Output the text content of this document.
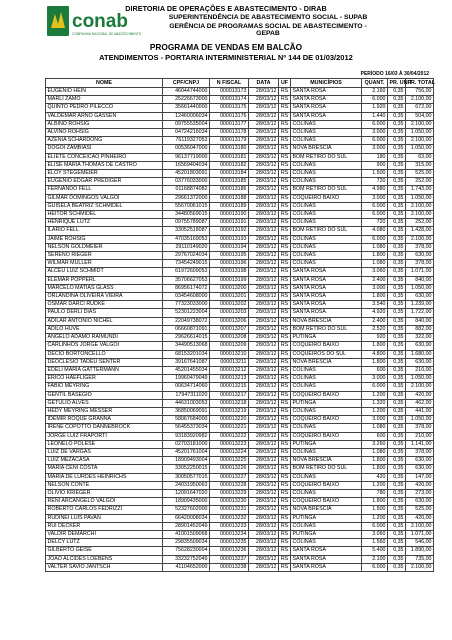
conab
COMPANHIA NACIONAL DE ABASTECIMENTO
DIRETORIA DE OPERAÇÕES E ABASTECIMENTO - DIRAB
SUPERINTENDÊNCIA DE ABASTECIMENTO SOCIAL - SUPAB
GERÊNCIA DE PROGRAMAS SOCIAL DE ABASTECIMENTO - GEPAB
PROGRAMA DE VENDAS EM BALCÃO
ATENDIMENTOS - PORTARIA INTERMINISTERIAL Nº 144 DE 01/03/2012
PERÍODO 16/03 À 30/04/2012
NOME	CPF/CNPJ	N FISCAL	DATA	UF	MUNICÍPIOS	QUANT.	PR. UNIT	PR. TOTAL
EUGENIO HEIN	46044744000	000013173	28/03/12	RS	SANTA ROSA	2.160	0,35	756,00
MARLI ZAMO	25226673000	000013174	28/03/12	RS	SANTA ROSA	6.000	0,35	2.100,00
QUINTO PEDRO PILECCO	35661440000	000013175	28/03/12	RS	SANTA ROSA	1.920	0,35	672,00
VALDEMAR ARNO GASSEN	12460006034	000013176	28/03/12	RS	SANTA ROSA	1.440	0,35	504,00
ALBINO ROHSIG	09755535004	000013177	28/03/12	RS	COLINAS	6.000	0,35	2.100,00
ALVINO ROHSIG	04724216034	000013178	28/03/12	RS	COLINAS	3.000	0,35	1.050,00
AZENIA SCHARDONG	76119327053	000013179	28/03/12	RS	COLINAS	6.000	0,35	2.100,00
DOGOI ZAMBIASI	00536047000	000013180	28/03/12	RS	NOVA BRESCIA	3.000	0,35	1.050,00
ELIETE CONCEICAO PINHEIRO	96137719000	000013181	28/03/12	RS	BOM RETIRO DO SUL	180	0,35	63,00
ELISE MARIA THOMAS DE CASTRO	16569404034	000013182	28/03/12	RS	COLINAS	900	0,35	315,00
ELOY STEGEMEIER	45201803091	000013184	28/03/12	RS	COLINAS	1.500	0,35	525,00
EUGENIO EDGAR PREDIGER	03776033000	000013185	28/03/12	RS	COLINAS	720	0,35	252,00
FERNANDO FELL	01168874082	000013186	28/03/12	RS	BOM RETIRO DO SUL	4.980	0,35	1.743,00
GILMAR DOMINGOS VALGOI	29661372000	000013188	28/03/12	RS	COQUEIRO BAIXO	3.000	0,35	1.050,00
GUISELA BEATRIZ SCHMIDEL	55670061015	000013189	28/03/12	RS	COLINAS	6.000	0,35	2.100,00
HEITOR SCHMIDEL	34480569015	000013190	28/03/12	RS	COLINAS	6.000	0,35	2.100,00
HENRIQUE LUTZ	09755789087	000013191	28/03/12	RS	COLINAS	720	0,35	252,00
ILARIO FELL	33052518087	000013192	28/03/12	RS	BOM RETIRO DO SUL	4.080	0,35	1.428,00
JAIME ROHSIG	47035169053	000013193	28/03/12	RS	COLINAS	6.000	0,35	2.100,00
NELSON GOLDMEIER	29110149020	000013194	28/03/12	RS	COLINAS	1.080	0,35	378,00
SERENO RIEGER	29767024034	000013195	28/03/12	RS	COLINAS	1.800	0,35	630,00
WILMAR MULLER	73454249015	000013196	28/03/12	RS	COLINAS	1.080	0,35	378,00
ALCEU LUIZ SCHMIDT	61972609053	000013198	28/03/12	RS	SANTA ROSA	3.060	0,35	1.071,00
ELEMAR POPPERL	35706627053	000013199	28/03/12	RS	SANTA ROSA	2.400	0,35	840,00
MARCELO MATIAS GLASS	86956174072	000013200	28/03/12	RS	SANTA ROSA	3.000	0,35	1.050,00
ORLANDINA OLIVEIRA VIEIRA	03454608000	000013201	28/03/12	RS	SANTA ROSA	1.800	0,35	630,00
OSMAR DARCI RUDKE	77323033000	000013202	28/03/12	RS	SANTA ROSA	3.540	0,35	1.239,00
PAULO DERLI DIAS	52301223004	000013203	28/03/12	RS	SANTA ROSA	4.920	0,35	1.722,00
ADILAR ANTONIO NICHEL	22049738072	000013206	28/03/12	RS	NOVA BRESCIA	2.400	0,35	840,00
ADILO HUVE	06660871091	000013207	28/03/12	RS	BOM RETIRO DO SUL	2.520	0,35	882,00
ANGELO ADAMO RAIMUNDI	29626614015	000013208	28/03/12	RS	PUTINGA	920	0,35	322,00
CARLINHOS JORGE VALGOI	34490513068	000013209	28/03/12	RS	COQUEIRO BAIXO	1.800	0,35	630,00
DECIO BORTONCELLO	68153201034	000013210	28/03/12	RS	COQUEIROS DO SUL	4.800	0,35	1.680,00
DEOCLESIO TADEU SENTER	39167641087	000013211	28/03/12	RS	NOVA BRESCIA	1.800	0,35	630,00
EDELI MARIA GATTERMANN	45201455034	000013212	28/03/12	RS	COLINAS	600	0,35	210,00
ERICO HAEFLIGER	19960479049	000013213	28/03/12	RS	COLINAS	3.000	0,35	1.050,00
FABIO MEYRING	00634714060	000013215	28/03/12	RS	COLINAS	6.000	0,35	2.100,00
GENTIL BASEGIO	17947311020	000013217	28/03/12	RS	COQUEIRO BAIXO	1.200	0,35	420,00
GETULIO ALVES	44631003053	000013218	28/03/12	RS	PUTINGA	1.320	0,35	462,00
HEDY MEYRING MESSER	36850069091	000013219	28/03/12	RS	COLINAS	1.200	0,35	441,00
IDEMIR ROQUE GRANNA	58067684000	000013220	28/03/12	RS	COQUEIRO BAIXO	3.000	0,35	1.050,00
IRENE COPOTTO DANNEBROCK	56455373034	000013221	28/03/12	RS	COLINAS	1.080	0,35	378,00
JORGE LUIZ FRAPORTI	93183920982	000013222	28/03/12	RS	COQUEIRO BAIXO	600	0,35	210,00
LEONELO POLESE	02703181000	000013223	28/03/12	RS	PUTINGA	3.260	0,35	1.141,00
LUIZ DE VARGAS	45201761004	000013224	28/03/12	RS	COLINAS	1.080	0,35	378,00
LUIZ MEZACASA	18909493004	000013225	28/03/12	RS	NOVA BRESCIA	1.800	0,35	630,00
MARIA CENI COSTA	33052250015	000013226	28/03/12	RS	BOM RETIRO DO SUL	1.800	0,35	630,00
MARIA DE LURDES HEINRICHS	30050577015	000013227	28/03/12	RS	COLINAS	420	0,35	147,00
NELSON CONTE	24031950063	000013228	28/03/12	RS	COQUEIRO BAIXO	1.200	0,35	420,00
OLIVIO KRIEGER	12091647020	000013229	28/03/12	RS	COLINAS	780	0,35	273,00
RENI ARCANGELO VALGOI	18909435000	000013230	28/03/12	RS	COQUEIRO BAIXO	1.800	0,35	630,00
ROBERTO CARLOS FEDRIZZI	52327602000	000013231	28/03/12	RS	NOVA BRESCIA	1.500	0,35	525,00
RUDINEI LUIS PAVAN	66420008034	000013232	28/03/12	RS	PUTINGA	1.200	0,35	420,00
RUI DECKER	28901452049	000013233	28/03/12	RS	COLINAS	6.000	0,35	2.100,00
VALDIR DEMARCHI	41001509068	000013234	28/03/12	RS	PUTINGA	3.060	0,35	1.071,00
DELCY LUTZ	29835509034	000013235	28/03/12	RS	COLINAS	1.560	0,35	546,00
GILBERTO GEISE	75628230004	000013236	28/03/12	RS	SANTA ROSA	5.400	0,35	1.890,00
JOAO ALCIDES LOEBENS	33232752049	000013237	28/03/12	RS	SANTA ROSA	2.100	0,35	735,00
VALTER SAVIO JANTSCH	41104652000	000013238	28/03/12	RS	SANTA ROSA	6.000	0,35	2.100,00
